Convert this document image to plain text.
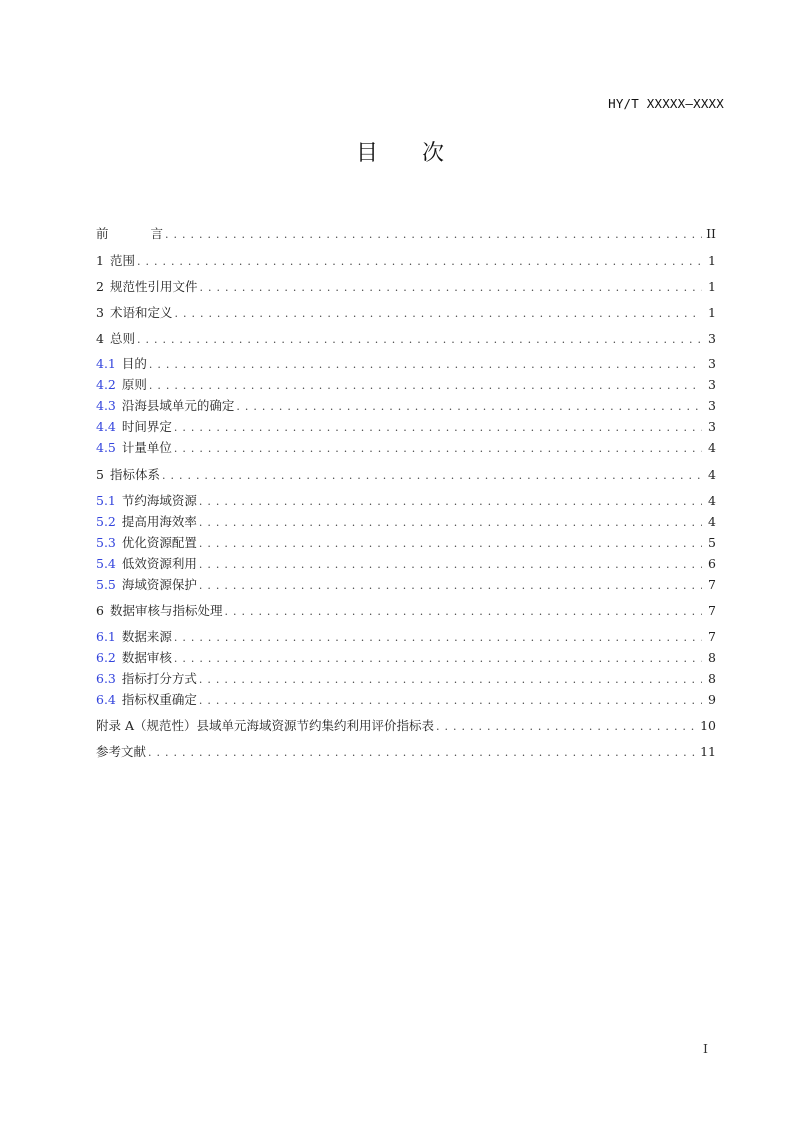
HY/T XXXXX—XXXX
目 次
前	言 . . .	II
1 范围 . . .	1
2 规范性引用文件 . . .	1
3 术语和定义 . . .	1
4 总则 . . .	3
4.1 目的 . . .	3
4.2 原则 . . .	3
4.3 沿海县域单元的确定 . . .	3
4.4 时间界定 . . .	3
4.5 计量单位 . . .	4
5 指标体系 . . .	4
5.1 节约海域资源 . . .	4
5.2 提高用海效率 . . .	4
5.3 优化资源配置 . . .	5
5.4 低效资源利用 . . .	6
5.5 海域资源保护 . . .	7
6 数据审核与指标处理 . . .	7
6.1 数据来源 . . .	7
6.2 数据审核 . . .	8
6.3 指标打分方式 . . .	8
6.4 指标权重确定 . . .	9
附录 A（规范性）县域单元海域资源节约集约利用评价指标表 . . .	10
参考文献 . . .	11
I
